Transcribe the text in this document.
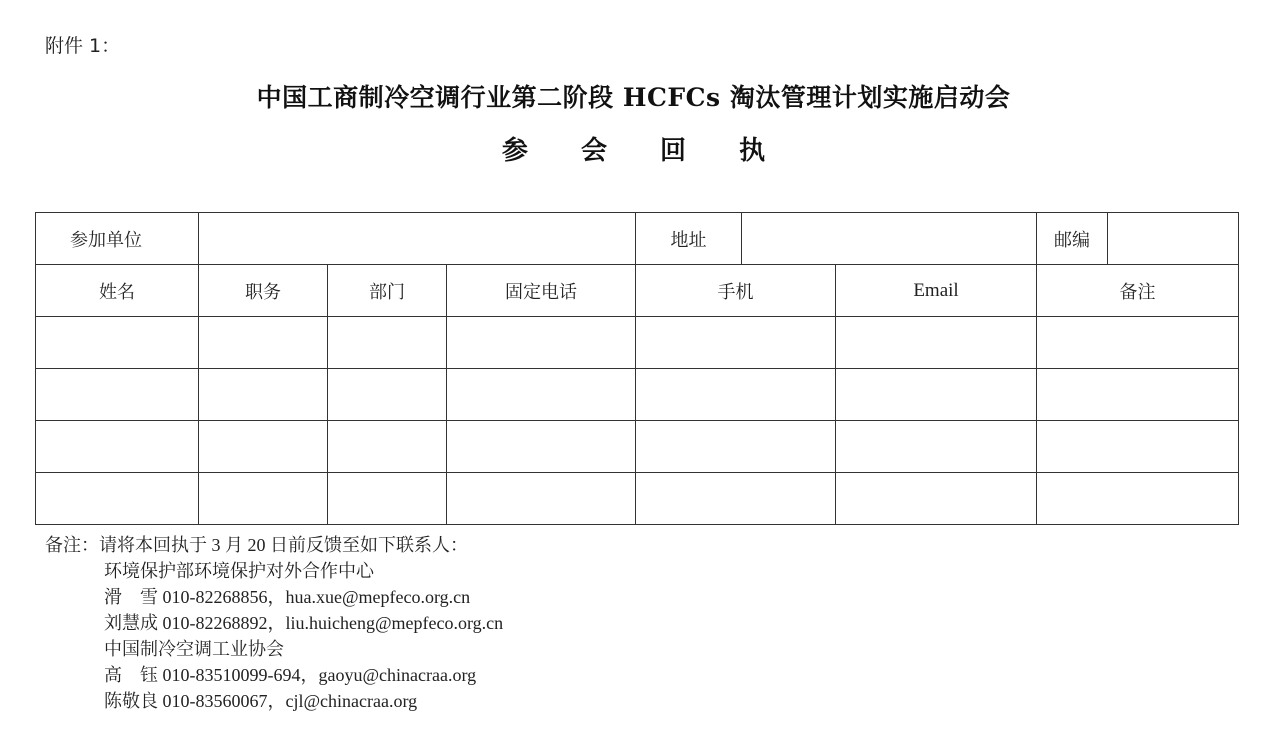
附件 1：
中国工商制冷空调行业第二阶段 HCFCs 淘汰管理计划实施启动会
参 会 回 执
参加单位				地址			邮编	
姓名	职务	部门	固定电话	手机		Email	备注	

备注：请将本回执于 3 月 20 日前反馈至如下联系人：
环境保护部环境保护对外合作中心
滑　雪 010-82268856，hua.xue@mepfeco.org.cn
刘慧成 010-82268892，liu.huicheng@mepfeco.org.cn
中国制冷空调工业协会
高　钰 010-83510099-694，gaoyu@chinacraa.org
陈敬良 010-83560067，cjl@chinacraa.org
